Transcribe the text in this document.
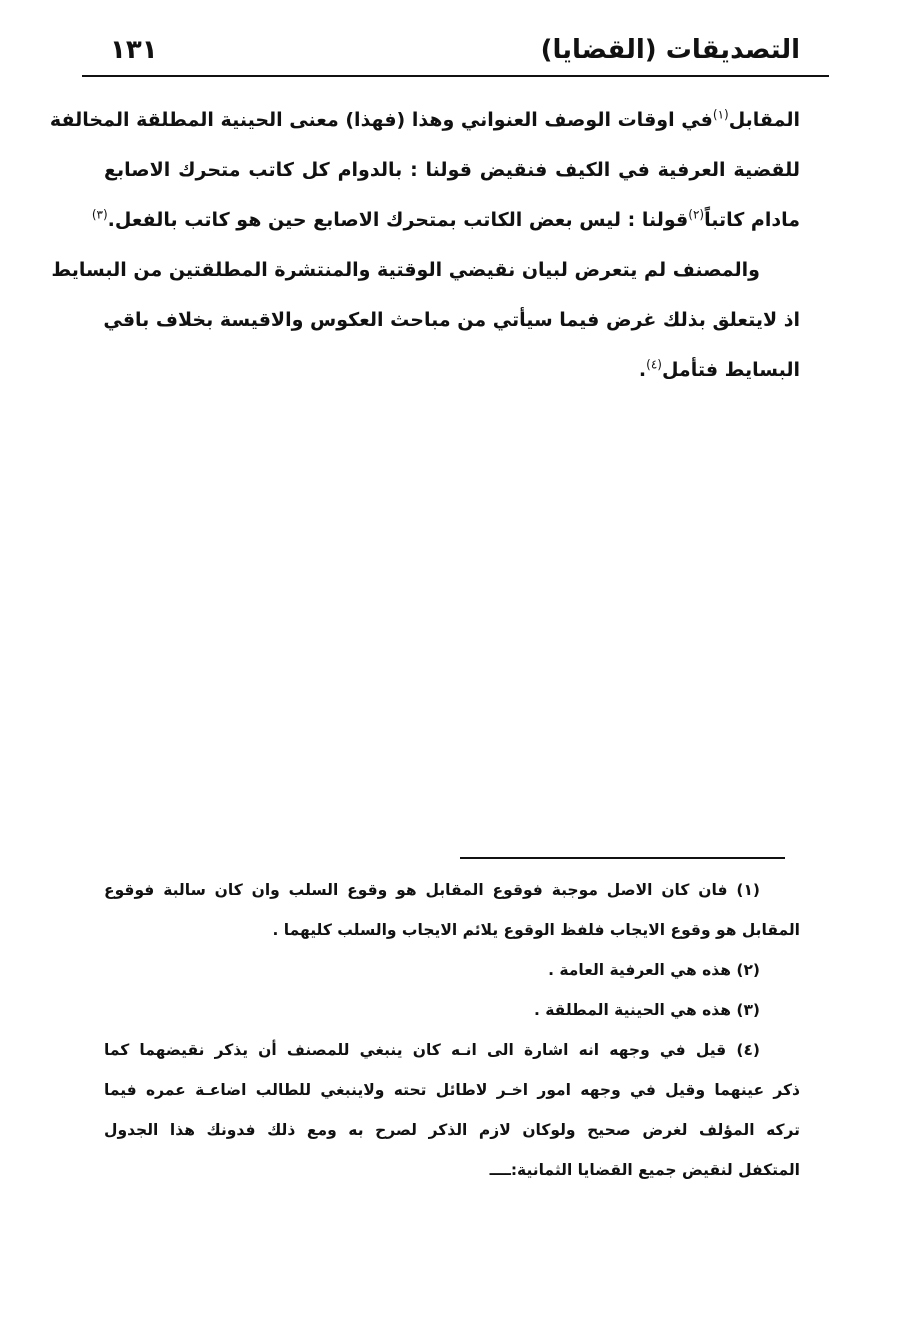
التصديقات (القضايا)
١٣١
المقابل$^{(١)}$في اوقات الوصف العنواني وهذا (فهذا) معنى الحينية المطلقة المخالفة
للقضية العرفية في الكيف فنقيض قولنا : بالدوام كل كاتب متحرك الاصابع
مادام كاتباً$^{(٢)}$قولنا : ليس بعض الكاتب بمتحرك الاصابع حين هو كاتب بالفعل.$^{(٣)}$
والمصنف لم يتعرض لبيان نقيضي الوقتية والمنتشرة المطلقتين من البسايط
اذ لايتعلق بذلك غرض فيما سيأتي من مباحث العكوس والاقيسة بخلاف باقي
البسايط فتأمل$^{(٤)}$.
(١) فان كان الاصل موجبة فوقوع المقابل هو وقوع السلب وان كان سالبة فوقوع
المقابل هو وقوع الايجاب فلفظ الوقوع يلائم الايجاب والسلب كليهما .
(٢) هذه هي العرفية العامة .
(٣) هذه هي الحينية المطلقة .
(٤) قيل في وجهه انه اشارة الى انـه كان ينبغي للمصنف أن يذكر نقيضهما كما
ذكر عينهما وقيل في وجهه امور اخـر لاطائل تحته ولاينبغي للطالب اضاعـة عمره فيما
تركه المؤلف لغرض صحيح ولوكان لازم الذكر لصرح به ومع ذلك فدونك هذا الجدول
المتكفل لنقيض جميع القضايا الثمانية:ــــ
